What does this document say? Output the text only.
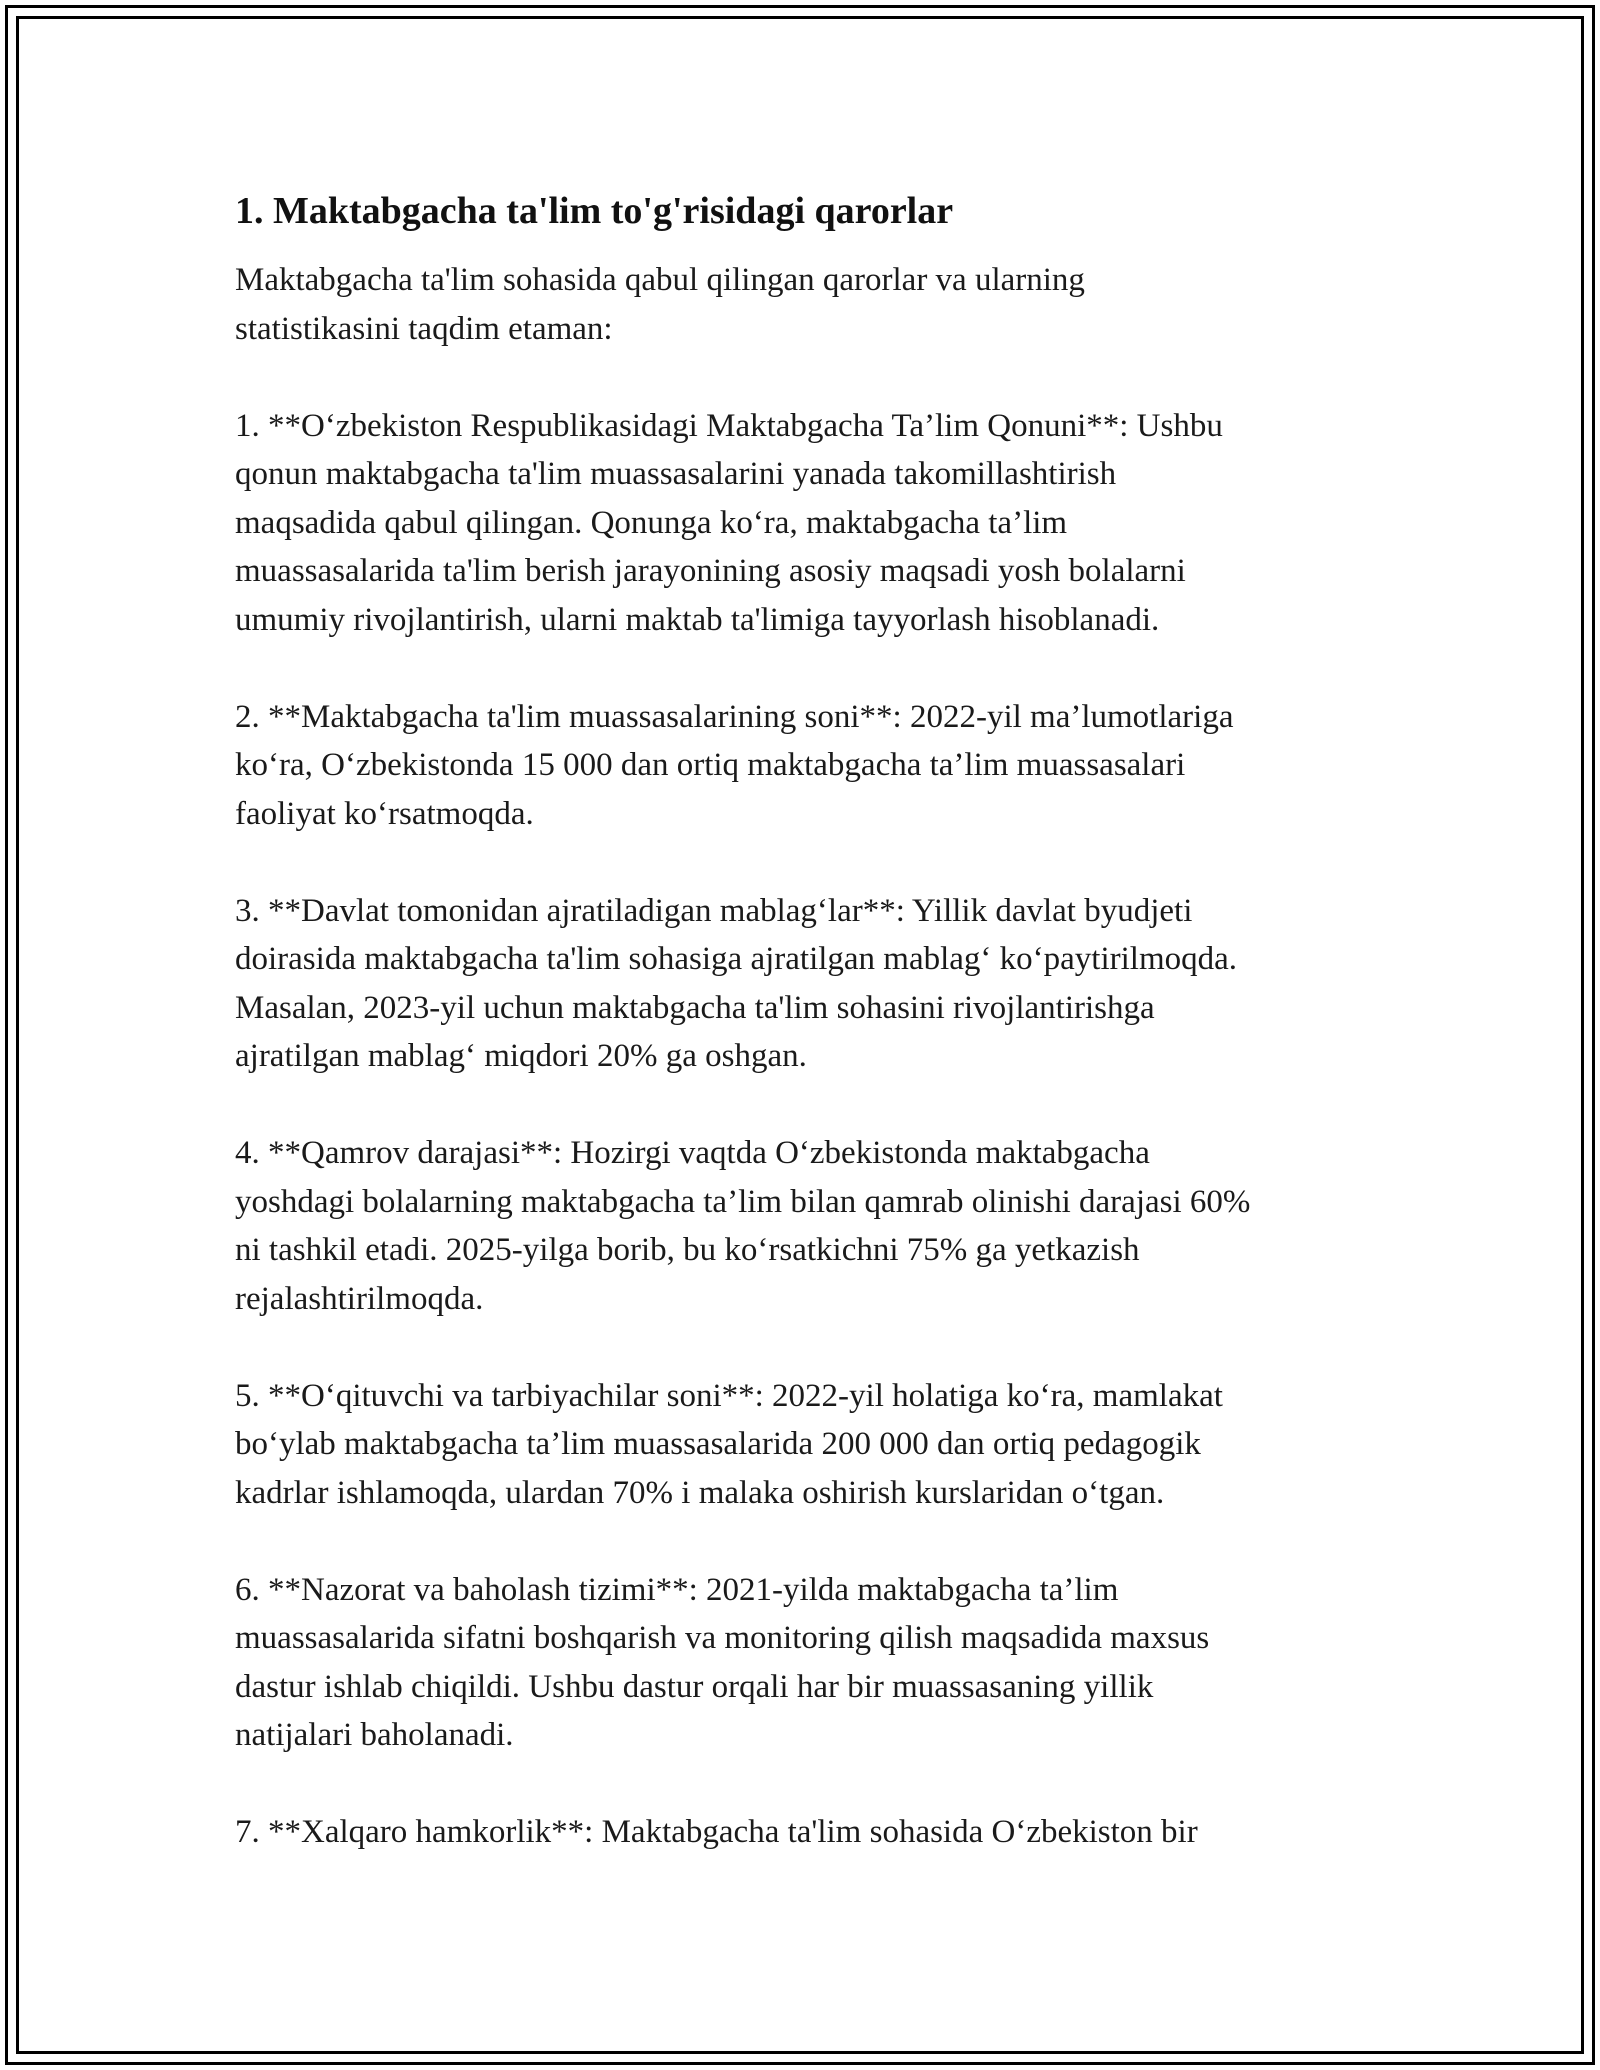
1. Maktabgacha ta'lim to'g'risidagi qarorlar

Maktabgacha ta'lim sohasida qabul qilingan qarorlar va ularning
statistikasini taqdim etaman:

1. **O‘zbekiston Respublikasidagi Maktabgacha Ta’lim Qonuni**: Ushbu
qonun maktabgacha ta'lim muassasalarini yanada takomillashtirish
maqsadida qabul qilingan. Qonunga ko‘ra, maktabgacha ta’lim
muassasalarida ta'lim berish jarayonining asosiy maqsadi yosh bolalarni
umumiy rivojlantirish, ularni maktab ta'limiga tayyorlash hisoblanadi.

2. **Maktabgacha ta'lim muassasalarining soni**: 2022-yil ma’lumotlariga
ko‘ra, O‘zbekistonda 15 000 dan ortiq maktabgacha ta’lim muassasalari
faoliyat ko‘rsatmoqda.

3. **Davlat tomonidan ajratiladigan mablag‘lar**: Yillik davlat byudjeti
doirasida maktabgacha ta'lim sohasiga ajratilgan mablag‘ ko‘paytirilmoqda.
Masalan, 2023-yil uchun maktabgacha ta'lim sohasini rivojlantirishga
ajratilgan mablag‘ miqdori 20% ga oshgan.

4. **Qamrov darajasi**: Hozirgi vaqtda O‘zbekistonda maktabgacha
yoshdagi bolalarning maktabgacha ta’lim bilan qamrab olinishi darajasi 60%
ni tashkil etadi. 2025-yilga borib, bu ko‘rsatkichni 75% ga yetkazish
rejalashtirilmoqda.

5. **O‘qituvchi va tarbiyachilar soni**: 2022-yil holatiga ko‘ra, mamlakat
bo‘ylab maktabgacha ta’lim muassasalarida 200 000 dan ortiq pedagogik
kadrlar ishlamoqda, ulardan 70% i malaka oshirish kurslaridan o‘tgan.

6. **Nazorat va baholash tizimi**: 2021-yilda maktabgacha ta’lim
muassasalarida sifatni boshqarish va monitoring qilish maqsadida maxsus
dastur ishlab chiqildi. Ushbu dastur orqali har bir muassasaning yillik
natijalari baholanadi.

7. **Xalqaro hamkorlik**: Maktabgacha ta'lim sohasida O‘zbekiston bir
